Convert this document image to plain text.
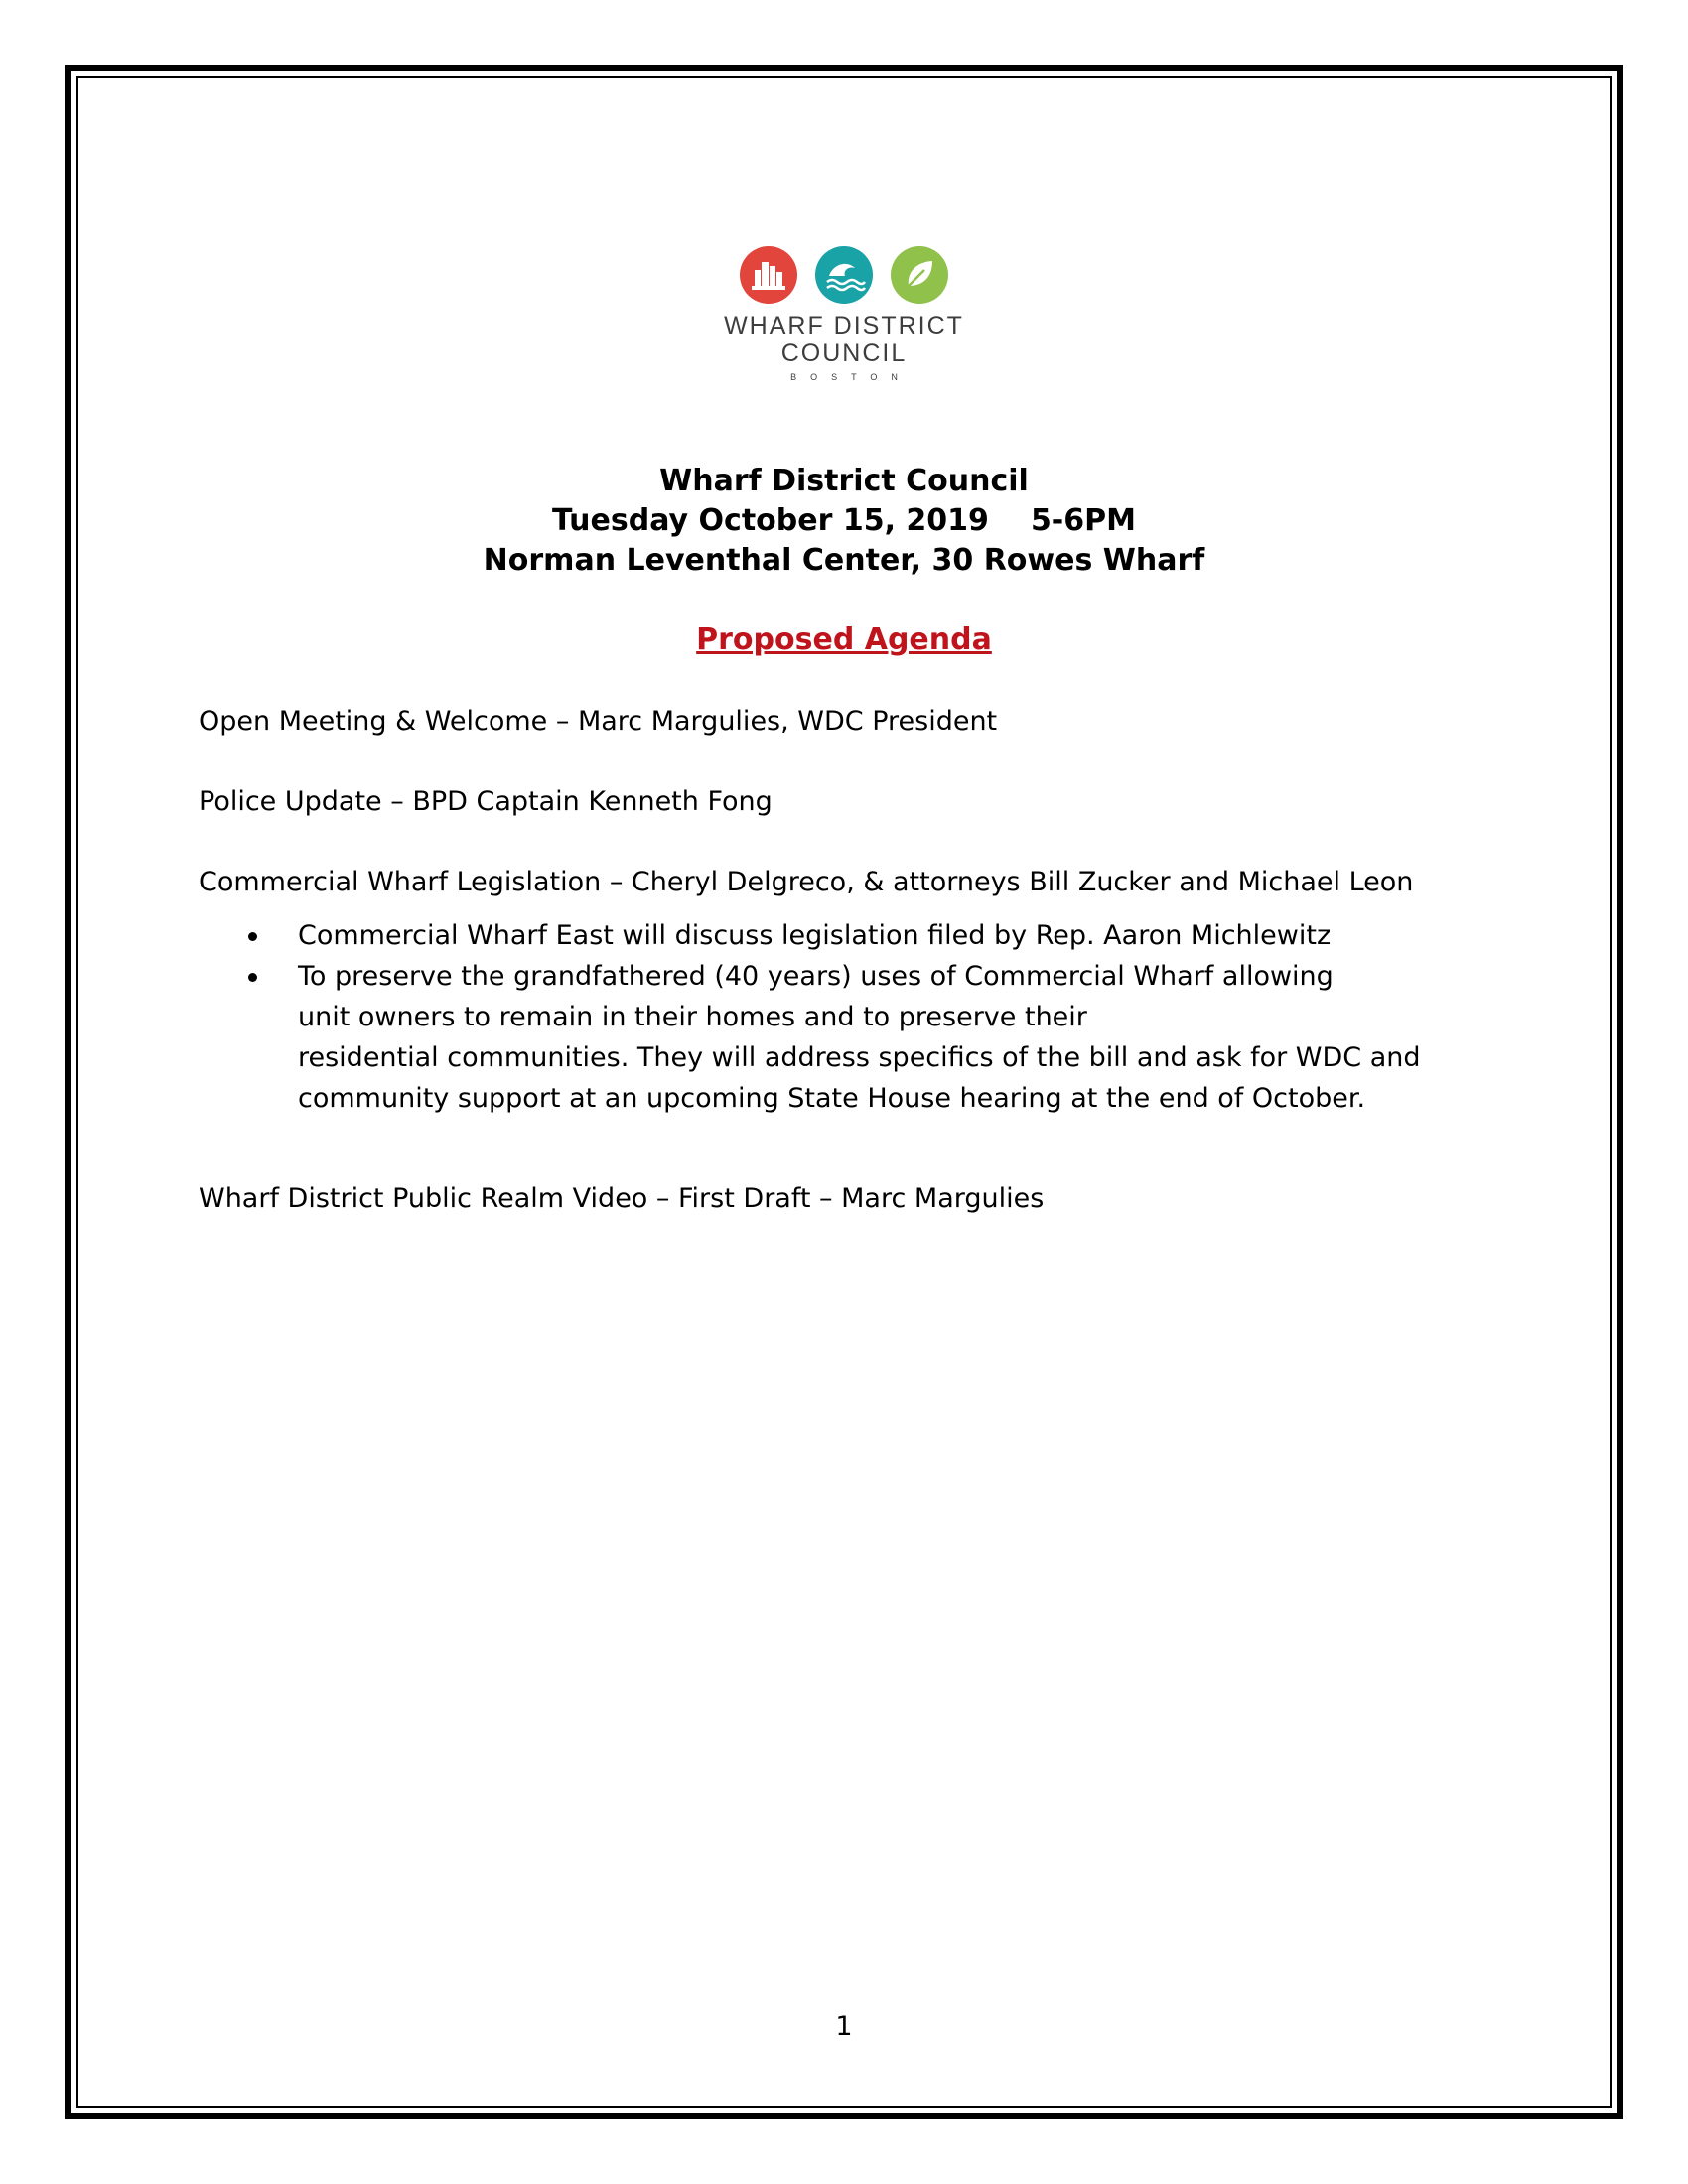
WHARF DISTRICT
COUNCIL
BOSTON
Wharf District Council
Tuesday October 15, 2019 5-6PM
Norman Leventhal Center, 30 Rowes Wharf
Proposed Agenda
Open Meeting & Welcome – Marc Margulies, WDC President
Police Update – BPD Captain Kenneth Fong
Commercial Wharf Legislation – Cheryl Delgreco, & attorneys Bill Zucker and Michael Leon
Commercial Wharf East will discuss legislation filed by Rep. Aaron Michlewitz
To preserve the grandfathered (40 years) uses of Commercial Wharf allowing
unit owners to remain in their homes and to preserve their
residential communities. They will address specifics of the bill and ask for WDC and
community support at an upcoming State House hearing at the end of October.
Wharf District Public Realm Video – First Draft – Marc Margulies
1
